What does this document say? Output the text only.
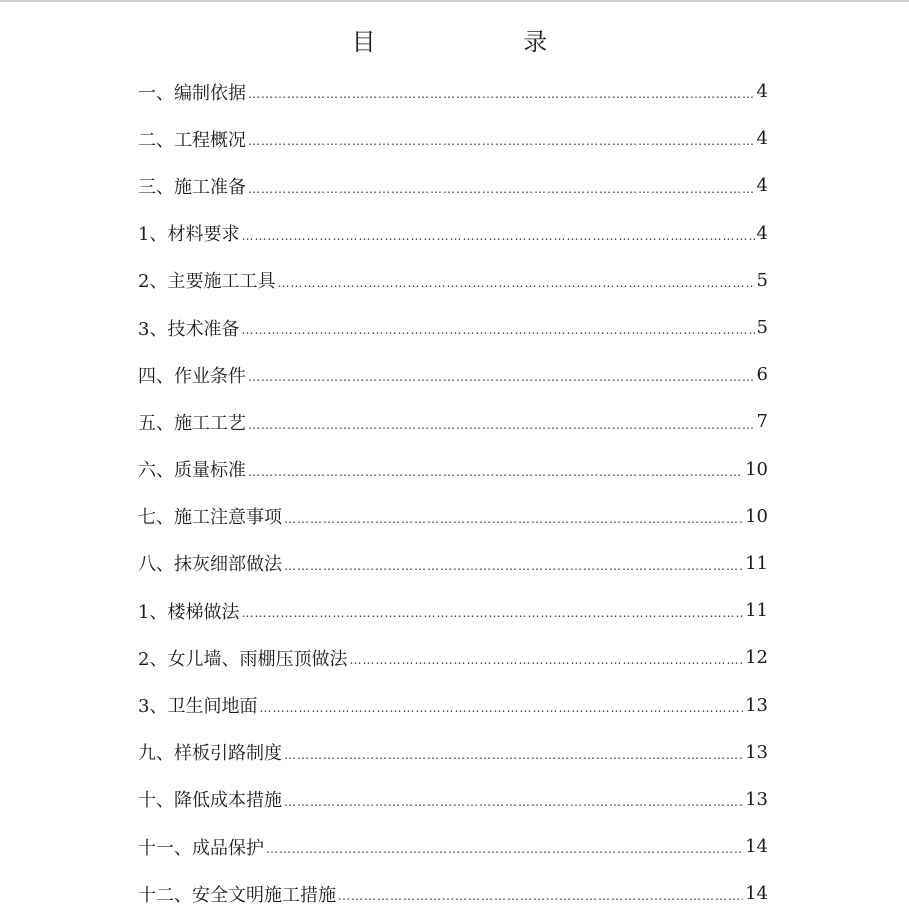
目 录
一、编制依据 ………………………………………………………………………………………………………………………………………………	4
二、工程概况 ………………………………………………………………………………………………………………………………………………	4
三、施工准备 ………………………………………………………………………………………………………………………………………………	4
1、材料要求 ………………………………………………………………………………………………………………………………………………	4
2、主要施工工具 ………………………………………………………………………………………………………………………………………………	5
3、技术准备 ………………………………………………………………………………………………………………………………………………	5
四、作业条件 ………………………………………………………………………………………………………………………………………………	6
五、施工工艺 ………………………………………………………………………………………………………………………………………………	7
六、质量标准 ………………………………………………………………………………………………………………………………………………	10
七、施工注意事项 ………………………………………………………………………………………………………………………………………………	10
八、抹灰细部做法 ………………………………………………………………………………………………………………………………………………	11
1、楼梯做法 ………………………………………………………………………………………………………………………………………………	11
2、女儿墙、雨棚压顶做法 ………………………………………………………………………………………………………………………………………………	12
3、卫生间地面 ………………………………………………………………………………………………………………………………………………	13
九、样板引路制度 ………………………………………………………………………………………………………………………………………………	13
十、降低成本措施 ………………………………………………………………………………………………………………………………………………	13
十一、成品保护 ………………………………………………………………………………………………………………………………………………	14
十二、安全文明施工措施 ………………………………………………………………………………………………………………………………………………	14
